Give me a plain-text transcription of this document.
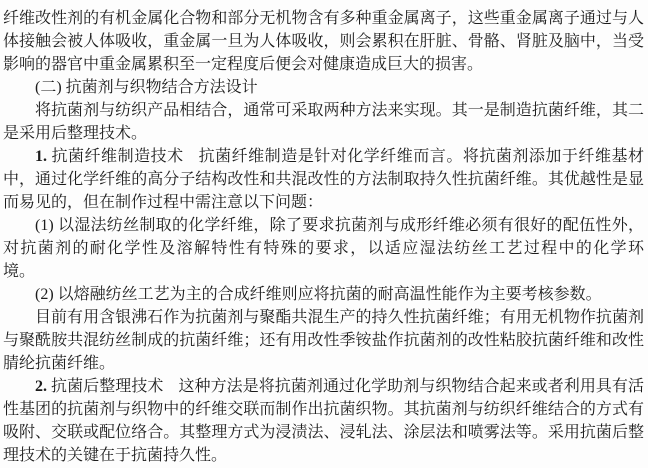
纤维改性剂的有机金属化合物和部分无机物含有多种重金属离子，这些重金属离子通过与人
体接触会被人体吸收，重金属一旦为人体吸收，则会累积在肝脏、骨骼、肾脏及脑中，当受
影响的器官中重金属累积至一定程度后便会对健康造成巨大的损害。
(二) 抗菌剂与织物结合方法设计
将抗菌剂与纺织产品相结合，通常可采取两种方法来实现。其一是制造抗菌纤维，其二
是采用后整理技术。
1. 抗菌纤维制造技术 抗菌纤维制造是针对化学纤维而言。将抗菌剂添加于纤维基材
中，通过化学纤维的高分子结构改性和共混改性的方法制取持久性抗菌纤维。其优越性是显
而易见的，但在制作过程中需注意以下问题：
(1) 以湿法纺丝制取的化学纤维，除了要求抗菌剂与成形纤维必须有很好的配伍性外，
对抗菌剂的耐化学性及溶解特性有特殊的要求，以适应湿法纺丝工艺过程中的化学环
境。
(2) 以熔融纺丝工艺为主的合成纤维则应将抗菌的耐高温性能作为主要考核参数。
目前有用含银沸石作为抗菌剂与聚酯共混生产的持久性抗菌纤维；有用无机物作抗菌剂
与聚酰胺共混纺丝制成的抗菌纤维；还有用改性季铵盐作抗菌剂的改性粘胶抗菌纤维和改性
腈纶抗菌纤维。
2. 抗菌后整理技术 这种方法是将抗菌剂通过化学助剂与织物结合起来或者利用具有活
性基团的抗菌剂与织物中的纤维交联而制作出抗菌织物。其抗菌剂与纺织纤维结合的方式有
吸附、交联或配位络合。其整理方式为浸渍法、浸轧法、涂层法和喷雾法等。采用抗菌后整
理技术的关键在于抗菌持久性。
